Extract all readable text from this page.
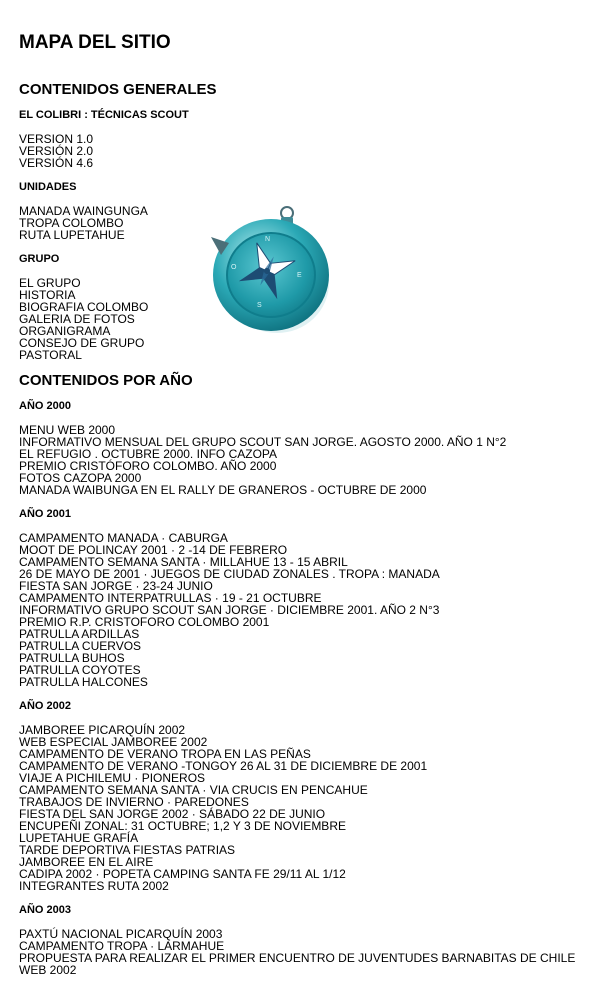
MAPA DEL SITIO
CONTENIDOS GENERALES
EL COLIBRI : TÉCNICAS SCOUT
VERSION 1.0
VERSIÓN 2.0
VERSIÓN 4.6
UNIDADES
MANADA WAINGUNGA
TROPA COLOMBO
RUTA LUPETAHUE
GRUPO
EL GRUPO
HISTORIA
BIOGRAFIA COLOMBO
GALERIA DE FOTOS
ORGANIGRAMA
CONSEJO DE GRUPO
PASTORAL
CONTENIDOS POR AÑO
AÑO 2000
MENU WEB 2000
INFORMATIVO MENSUAL DEL GRUPO SCOUT SAN JORGE. AGOSTO 2000. AÑO 1 N°2
EL REFUGIO . OCTUBRE 2000. INFO CAZOPA
PREMIO CRISTÓFORO COLOMBO. AÑO 2000
FOTOS CAZOPA 2000
MANADA WAIBUNGA EN EL RALLY DE GRANEROS - OCTUBRE DE 2000
AÑO 2001
CAMPAMENTO MANADA · CABURGA
MOOT DE POLINCAY 2001 · 2 -14 DE FEBRERO
CAMPAMENTO SEMANA SANTA · MILLAHUE 13 - 15 ABRIL
26 DE MAYO DE 2001 · JUEGOS DE CIUDAD ZONALES . TROPA : MANADA
FIESTA SAN JORGE · 23-24 JUNIO
CAMPAMENTO INTERPATRULLAS · 19 - 21 OCTUBRE
INFORMATIVO GRUPO SCOUT SAN JORGE · DICIEMBRE 2001. AÑO 2 N°3
PREMIO R.P. CRISTOFORO COLOMBO 2001
PATRULLA ARDILLAS
PATRULLA CUERVOS
PATRULLA BUHOS
PATRULLA COYOTES
PATRULLA HALCONES
AÑO 2002
JAMBOREE PICARQUÍN 2002
WEB ESPECIAL JAMBOREE 2002
CAMPAMENTO DE VERANO TROPA EN LAS PEÑAS
CAMPAMENTO DE VERANO -TONGOY 26 AL 31 DE DICIEMBRE DE 2001
VIAJE A PICHILEMU · PIONEROS
CAMPAMENTO SEMANA SANTA · VIA CRUCIS EN PENCAHUE
TRABAJOS DE INVIERNO · PAREDONES
FIESTA DEL SAN JORGE 2002 · SÁBADO 22 DE JUNIO
ENCUPEÑI ZONAL: 31 OCTUBRE; 1,2 Y 3 DE NOVIEMBRE
LUPETAHUE GRAFÍA
TARDE DEPORTIVA FIESTAS PATRIAS
JAMBOREE EN EL AIRE
CADIPA 2002 · POPETA CAMPING SANTA FE 29/11 AL 1/12
INTEGRANTES RUTA 2002
AÑO 2003
PAXTÚ NACIONAL PICARQUÍN 2003
CAMPAMENTO TROPA · LARMAHUE
PROPUESTA PARA REALIZAR EL PRIMER ENCUENTRO DE JUVENTUDES BARNABITAS DE CHILE
WEB 2002
N
E
S
O
